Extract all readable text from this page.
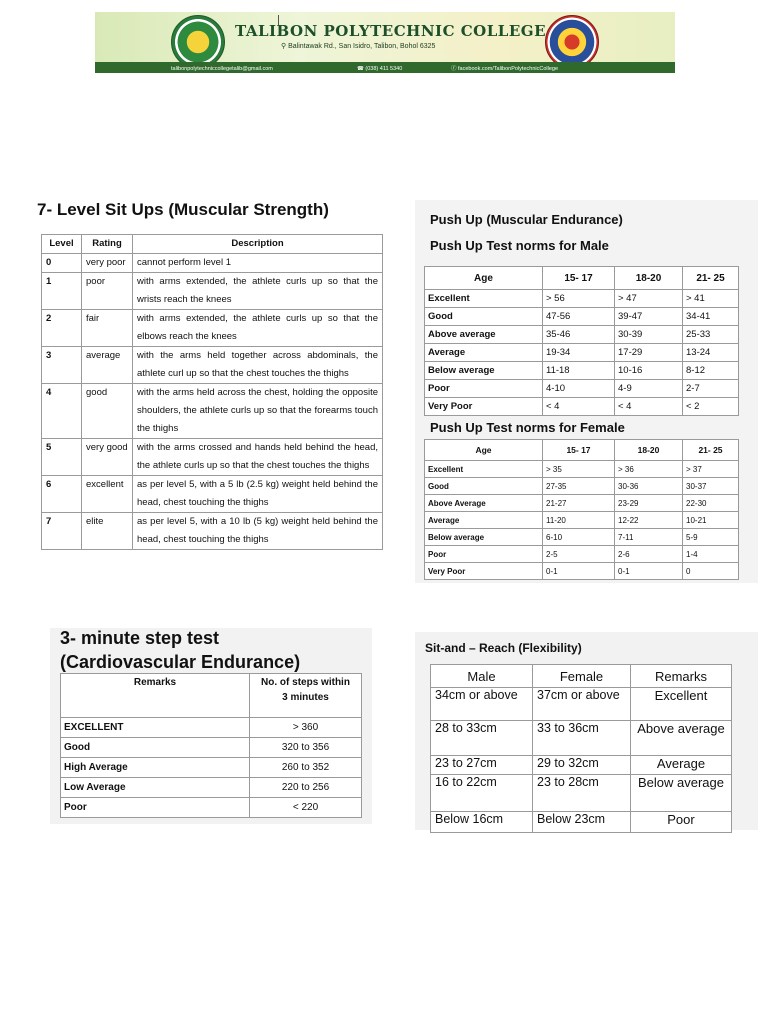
TALIBON POLYTECHNIC COLLEGE
⚲ Balintawak Rd., San Isidro, Talibon, Bohol 6325
talibonpolytechniccollegetalib@gmail.com	☎ (038) 411 5340	ⓕ facebook.com/TalibonPolytechnicCollege
7- Level Sit Ups (Muscular Strength)
Level	Rating	Description
0	very poor	cannot perform level 1
1	poor	with arms extended, the athlete curls up so that the wrists reach the knees
2	fair	with arms extended, the athlete curls up so that the elbows reach the knees
3	average	with the arms held together across abdominals, the athlete curl up so that the chest touches the thighs
4	good	with the arms held across the chest, holding the opposite shoulders, the athlete curls up so that the forearms touch the thighs
5	very good	with the arms crossed and hands held behind the head, the athlete curls up so that the chest touches the thighs
6	excellent	as per level 5, with a 5 lb (2.5 kg) weight held behind the head, chest touching the thighs
7	elite	as per level 5, with a 10 lb (5 kg) weight held behind the head, chest touching the thighs
Push Up (Muscular Endurance)
Push Up Test norms for Male
Age	15- 17	18-20	21- 25
Excellent	> 56	> 47	> 41
Good	47-56	39-47	34-41
Above average	35-46	30-39	25-33
Average	19-34	17-29	13-24
Below average	11-18	10-16	8-12
Poor	4-10	4-9	2-7
Very Poor	< 4	< 4	< 2
Push Up Test norms for Female
Age	15- 17	18-20	21- 25
Excellent	> 35	> 36	> 37
Good	27-35	30-36	30-37
Above Average	21-27	23-29	22-30
Average	11-20	12-22	10-21
Below average	6-10	7-11	5-9
Poor	2-5	2-6	1-4
Very Poor	0-1	0-1	0
3- minute step test
(Cardiovascular Endurance)
Remarks	No. of steps within
3 minutes

EXCELLENT	> 360
Good	320 to 356
High Average	260 to 352
Low Average	220 to 256
Poor	< 220
Sit-and – Reach (Flexibility)
Male	Female	Remarks
34cm or above	37cm or above	Excellent
28 to 33cm	33 to 36cm	Above average
23 to 27cm	29 to 32cm	Average
16 to 22cm	23 to 28cm	Below average
Below 16cm	Below 23cm	Poor
